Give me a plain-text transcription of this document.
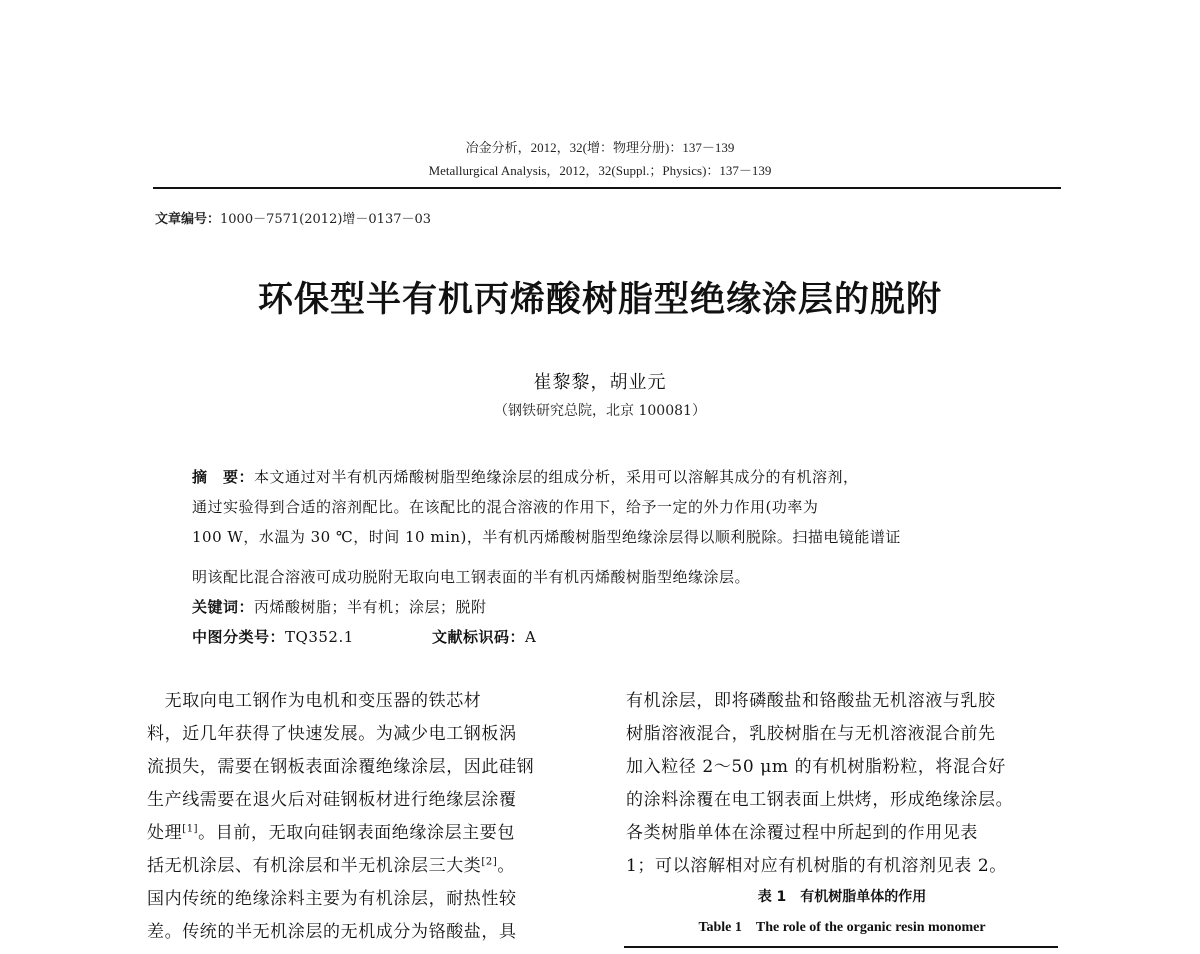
冶金分析，2012，32(增：物理分册)：137－139
Metallurgical Analysis，2012，32(Suppl.；Physics)：137－139
文章编号：1000－7571(2012)增－0137－03
环保型半有机丙烯酸树脂型绝缘涂层的脱附
崔黎黎，胡业元
（钢铁研究总院，北京 100081）
摘　要：本文通过对半有机丙烯酸树脂型绝缘涂层的组成分析，采用可以溶解其成分的有机溶剂，
通过实验得到合适的溶剂配比。在该配比的混合溶液的作用下，给予一定的外力作用(功率为
100 W，水温为 30 ℃，时间 10 min)，半有机丙烯酸树脂型绝缘涂层得以顺利脱除。扫描电镜能谱证
明该配比混合溶液可成功脱附无取向电工钢表面的半有机丙烯酸树脂型绝缘涂层。
关键词：丙烯酸树脂；半有机；涂层；脱附
中图分类号：TQ352.1	文献标识码：A
　无取向电工钢作为电机和变压器的铁芯材
料，近几年获得了快速发展。为减少电工钢板涡
流损失，需要在钢板表面涂覆绝缘涂层，因此硅钢
生产线需要在退火后对硅钢板材进行绝缘层涂覆
处理[1]。目前，无取向硅钢表面绝缘涂层主要包
括无机涂层、有机涂层和半无机涂层三大类[2]。
国内传统的绝缘涂料主要为有机涂层，耐热性较
差。传统的半无机涂层的无机成分为铬酸盐，具
有机涂层，即将磷酸盐和铬酸盐无机溶液与乳胶
树脂溶液混合，乳胶树脂在与无机溶液混合前先
加入粒径 2～50 μm 的有机树脂粉粒，将混合好
的涂料涂覆在电工钢表面上烘烤，形成绝缘涂层。
各类树脂单体在涂覆过程中所起到的作用见表
1；可以溶解相对应有机树脂的有机溶剂见表 2。
表 1　有机树脂单体的作用
Table 1　The role of the organic resin monomer
